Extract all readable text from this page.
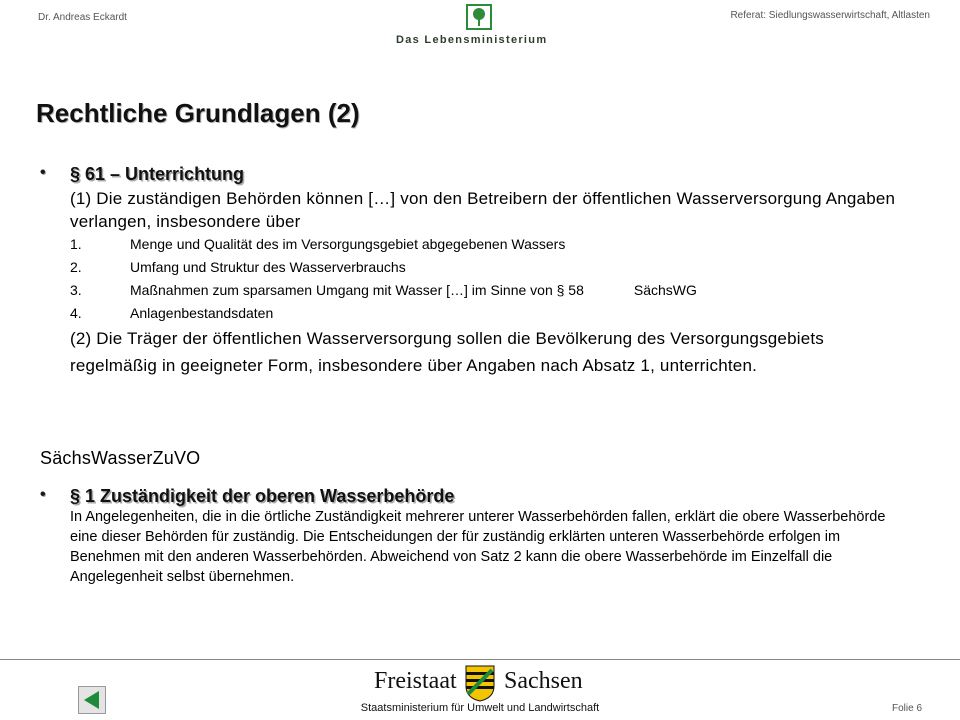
Dr. Andreas Eckardt	Referat: Siedlungswasserwirtschaft, Altlasten
Das Lebensministerium
Rechtliche Grundlagen (2)
•	§ 61 – Unterrichtung
(1) Die zuständigen Behörden können […] von den Betreibern der öffentlichen Wasserversorgung Angaben verlangen, insbesondere über
1.	Menge und Qualität des im Versorgungsgebiet abgegebenen Wassers
2.	Umfang und Struktur des Wasserverbrauchs
3.	Maßnahmen zum sparsamen Umgang mit Wasser […] im Sinne von § 58	SächsWG
4.	Anlagenbestandsdaten
(2) Die Träger der öffentlichen Wasserversorgung sollen die Bevölkerung des Versorgungsgebiets regelmäßig in geeigneter Form, insbesondere über Angaben nach Absatz 1, unterrichten.
SächsWasserZuVO
•	§ 1 Zuständigkeit der oberen Wasserbehörde
In Angelegenheiten, die in die örtliche Zuständigkeit mehrerer unterer Wasserbehörden fallen, erklärt die obere Wasserbehörde eine dieser Behörden für zuständig. Die Entscheidungen der für zuständig erklärten unteren Wasserbehörde erfolgen im Benehmen mit den anderen Wasserbehörden. Abweichend von Satz 2 kann die obere Wasserbehörde im Einzelfall die Angelegenheit selbst übernehmen.
Freistaat Sachsen
Staatsministerium für Umwelt und Landwirtschaft	Folie 6
